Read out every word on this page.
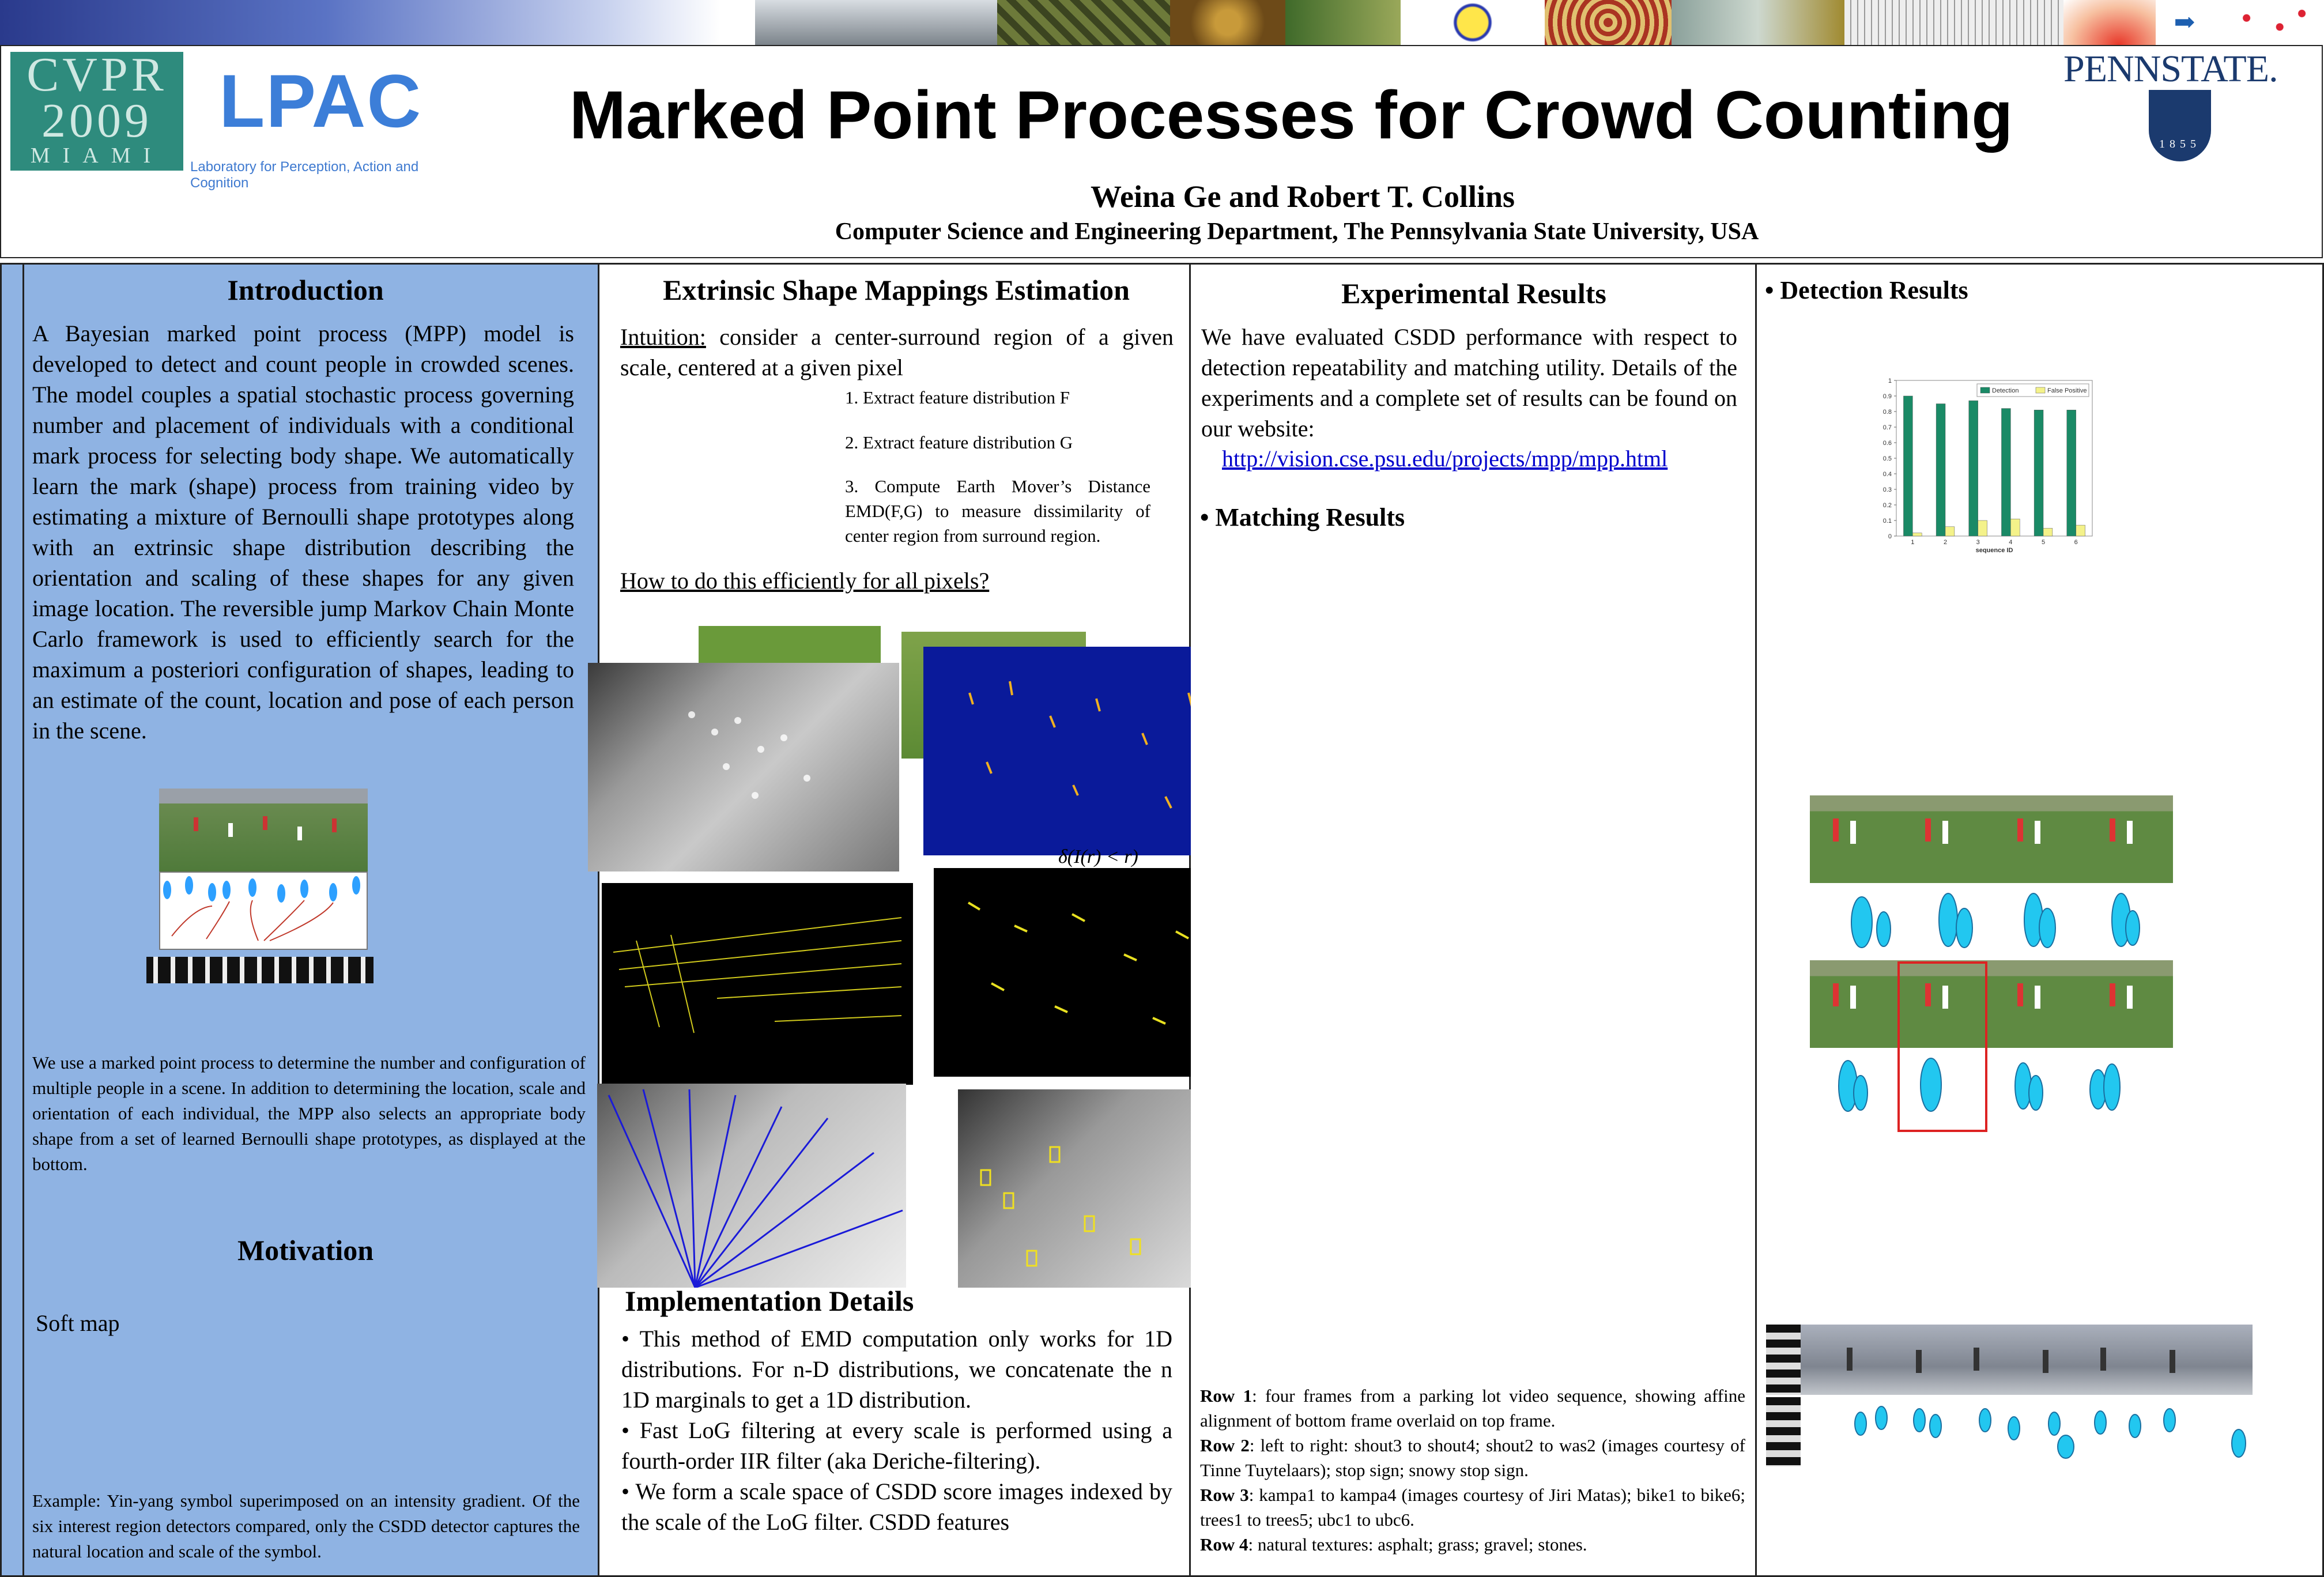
➡
CVPR
2009
MIAMI
LPAC
Laboratory for Perception, Action and Cognition
Marked Point Processes for Crowd Counting
Weina Ge and Robert T. Collins
Computer Science and Engineering Department, The Pennsylvania State University, USA
PENNSTATE.
1855
Introduction
A Bayesian marked point process (MPP) model is developed to detect and count people in crowded scenes. The model couples a spatial stochastic process governing number and placement of individuals with a conditional mark process for selecting body shape. We automatically learn the mark (shape) process from training video by estimating a mixture of Bernoulli shape prototypes along with an extrinsic shape distribution describing the orientation and scaling of these shapes for any given image location. The reversible jump Markov Chain Monte Carlo framework is used to efficiently search for the maximum a posteriori configuration of shapes, leading to an estimate of the count, location and pose of each person in the scene.
We use a marked point process to determine the number and configuration of multiple people in a scene. In addition to determining the location, scale and orientation of each individual, the MPP also selects an appropriate body shape from a set of learned Bernoulli shape prototypes, as displayed at the bottom.
Motivation
Soft map
Example: Yin-yang symbol superimposed on an intensity gradient. Of the six interest region detectors compared, only the CSDD detector captures the natural location and scale of the symbol.
Extrinsic Shape Mappings Estimation
Intuition: consider a center-surround region of a given scale, centered at a given pixel
1. Extract feature distribution F
2. Extract feature distribution G
3. Compute Earth Mover’s Distance EMD(F,G) to measure dissimilarity of center region from surround region.
How to do this efficiently for all pixels?
δ(I(r) < r)
Implementation Details
• This method of EMD computation only works for 1D distributions. For n-D distributions, we concatenate the n 1D marginals to get a 1D distribution.
• Fast LoG filtering at every scale is performed using a fourth-order IIR filter (aka Deriche-filtering).
• We form a scale space of CSDD score images indexed by the scale of the LoG filter. CSDD features
Experimental Results
We have evaluated CSDD performance with respect to detection repeatability and matching utility. Details of the experiments and a complete set of results can be found on our website:
http://vision.cse.psu.edu/projects/mpp/mpp.html
• Matching Results
Row 1: four frames from a parking lot video sequence, showing affine alignment of bottom frame overlaid on top frame.
Row 2: left to right: shout3 to shout4; shout2 to was2 (images courtesy of Tinne Tuytelaars); stop sign; snowy stop sign.
Row 3: kampa1 to kampa4 (images courtesy of Jiri Matas); bike1 to bike6; trees1 to trees5; ubc1 to ubc6.
Row 4: natural textures: asphalt; grass; gravel; stones.
• Detection Results
0
0.1
0.2
0.3
0.4
0.5
0.6
0.7
0.8
0.9
1
1	2	3	4	5	6
sequence ID
Detection	False Positive
